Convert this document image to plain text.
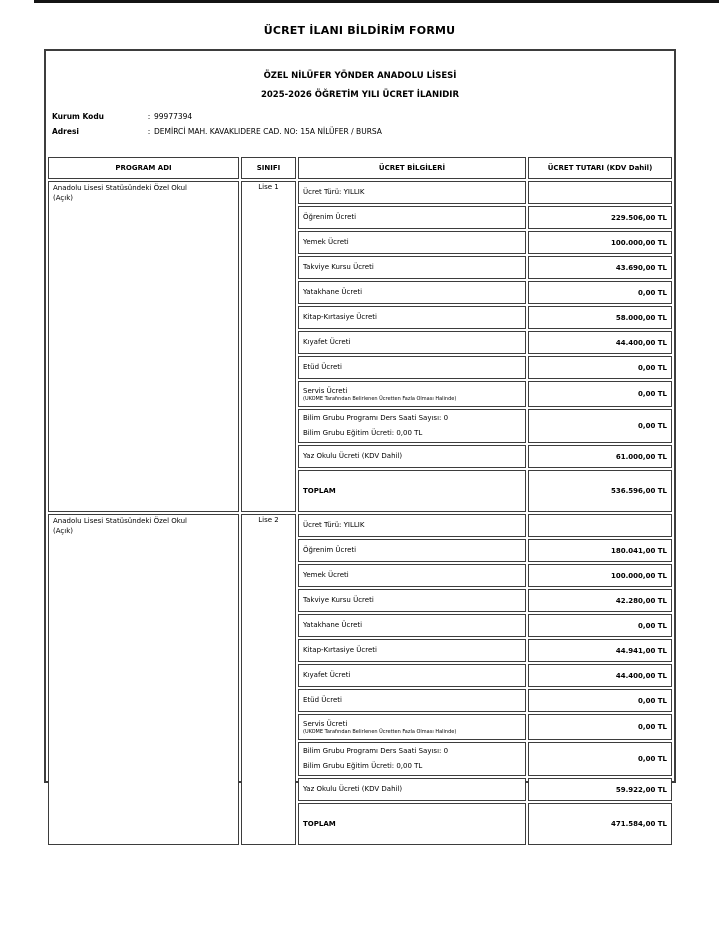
ÜCRET İLANI BİLDİRİM FORMU
ÖZEL NİLÜFER YÖNDER ANADOLU LİSESİ
2025-2026 ÖĞRETİM YILI ÜCRET İLANIDIR
Kurum Kodu	: 99977394
Adresi	: DEMİRCİ MAH. KAVAKLIDERE CAD. NO: 15A NİLÜFER / BURSA
PROGRAM ADI	SINIFI	ÜCRET BİLGİLERİ	ÜCRET TUTARI (KDV Dahil)
Anadolu Lisesi Statüsündeki Özel Okul
(Açık)	Lise 1	Ücret Türü: YILLIK	
		Öğrenim Ücreti	229.506,00 TL
		Yemek Ücreti	100.000,00 TL
		Takviye Kursu Ücreti	43.690,00 TL
		Yatakhane Ücreti	0,00 TL
		Kitap-Kırtasiye Ücreti	58.000,00 TL
		Kıyafet Ücreti	44.400,00 TL
		Etüd Ücreti	0,00 TL
		Servis Ücreti
(UKOME Tarafından Belirlenen Ücretten Fazla Olması Halinde)	0,00 TL
		Bilim Grubu Programı Ders Saati Sayısı: 0
Bilim Grubu Eğitim Ücreti: 0,00 TL	0,00 TL
		Yaz Okulu Ücreti (KDV Dahil)	61.000,00 TL
		TOPLAM	536.596,00 TL
Anadolu Lisesi Statüsündeki Özel Okul
(Açık)	Lise 2	Ücret Türü: YILLIK	
		Öğrenim Ücreti	180.041,00 TL
		Yemek Ücreti	100.000,00 TL
		Takviye Kursu Ücreti	42.280,00 TL
		Yatakhane Ücreti	0,00 TL
		Kitap-Kırtasiye Ücreti	44.941,00 TL
		Kıyafet Ücreti	44.400,00 TL
		Etüd Ücreti	0,00 TL
		Servis Ücreti
(UKOME Tarafından Belirlenen Ücretten Fazla Olması Halinde)	0,00 TL
		Bilim Grubu Programı Ders Saati Sayısı: 0
Bilim Grubu Eğitim Ücreti: 0,00 TL	0,00 TL
		Yaz Okulu Ücreti (KDV Dahil)	59.922,00 TL
		TOPLAM	471.584,00 TL
